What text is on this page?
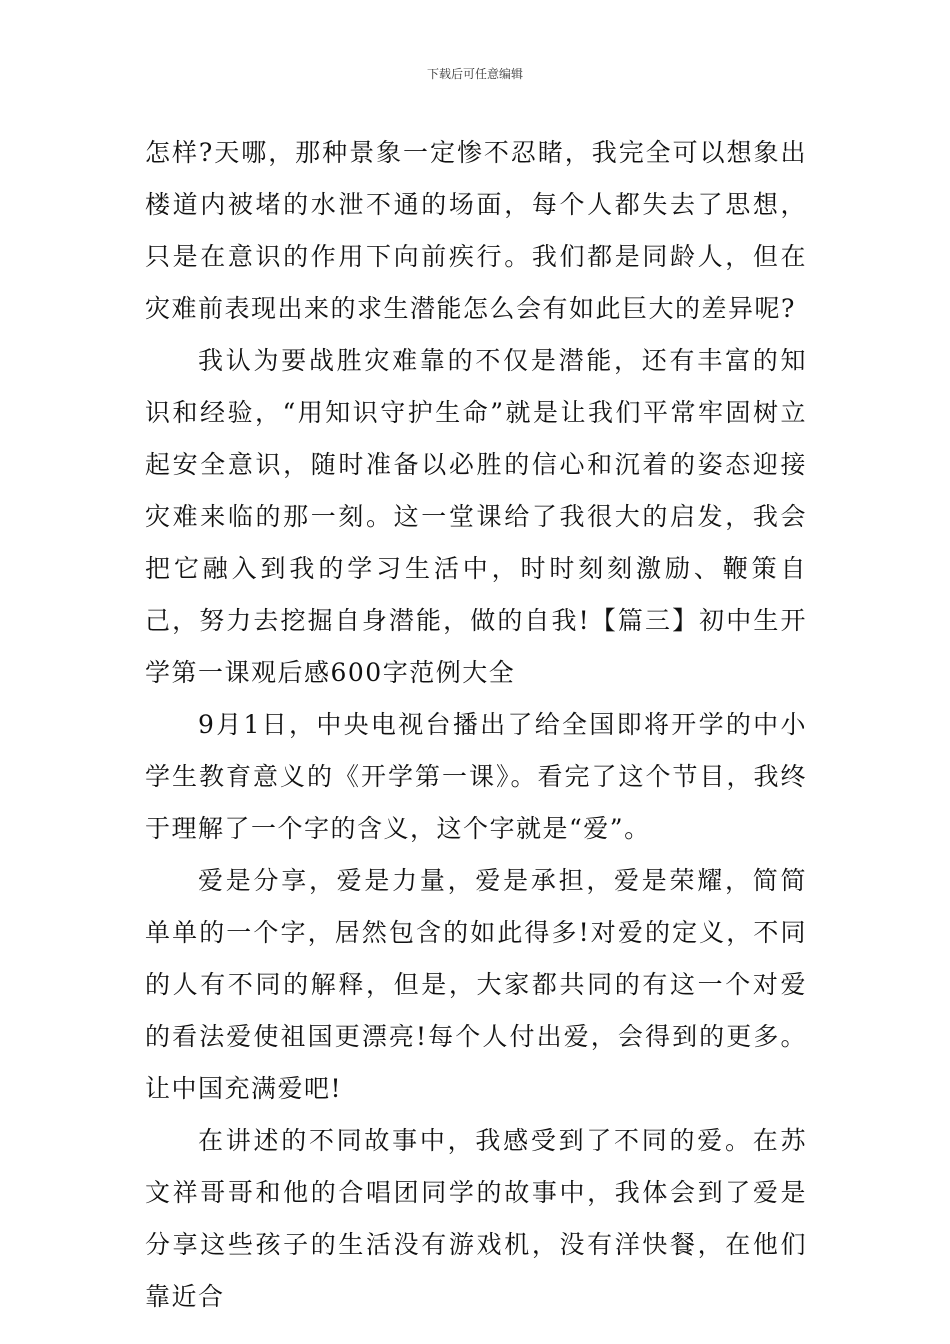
下载后可任意编辑

怎样?天哪，那种景象一定惨不忍睹，我完全可以想象出楼道内被堵的水泄不通的场面，每个人都失去了思想，只是在意识的作用下向前疾行。我们都是同龄人，但在灾难前表现出来的求生潜能怎么会有如此巨大的差异呢?

我认为要战胜灾难靠的不仅是潜能，还有丰富的知识和经验，“用知识守护生命”就是让我们平常牢固树立起安全意识，随时准备以必胜的信心和沉着的姿态迎接灾难来临的那一刻。这一堂课给了我很大的启发，我会把它融入到我的学习生活中，时时刻刻激励、鞭策自己，努力去挖掘自身潜能，做的自我!【篇三】初中生开学第一课观后感600字范例大全

9月1日，中央电视台播出了给全国即将开学的中小学生教育意义的《开学第一课》。看完了这个节目，我终于理解了一个字的含义，这个字就是“爱”。

爱是分享，爱是力量，爱是承担，爱是荣耀，简简单单的一个字，居然包含的如此得多!对爱的定义，不同的人有不同的解释，但是，大家都共同的有这一个对爱的看法爱使祖国更漂亮!每个人付出爱，会得到的更多。让中国充满爱吧!

在讲述的不同故事中，我感受到了不同的爱。在苏文祥哥哥和他的合唱团同学的故事中，我体会到了爱是分享这些孩子的生活没有游戏机，没有洋快餐，在他们靠近合
